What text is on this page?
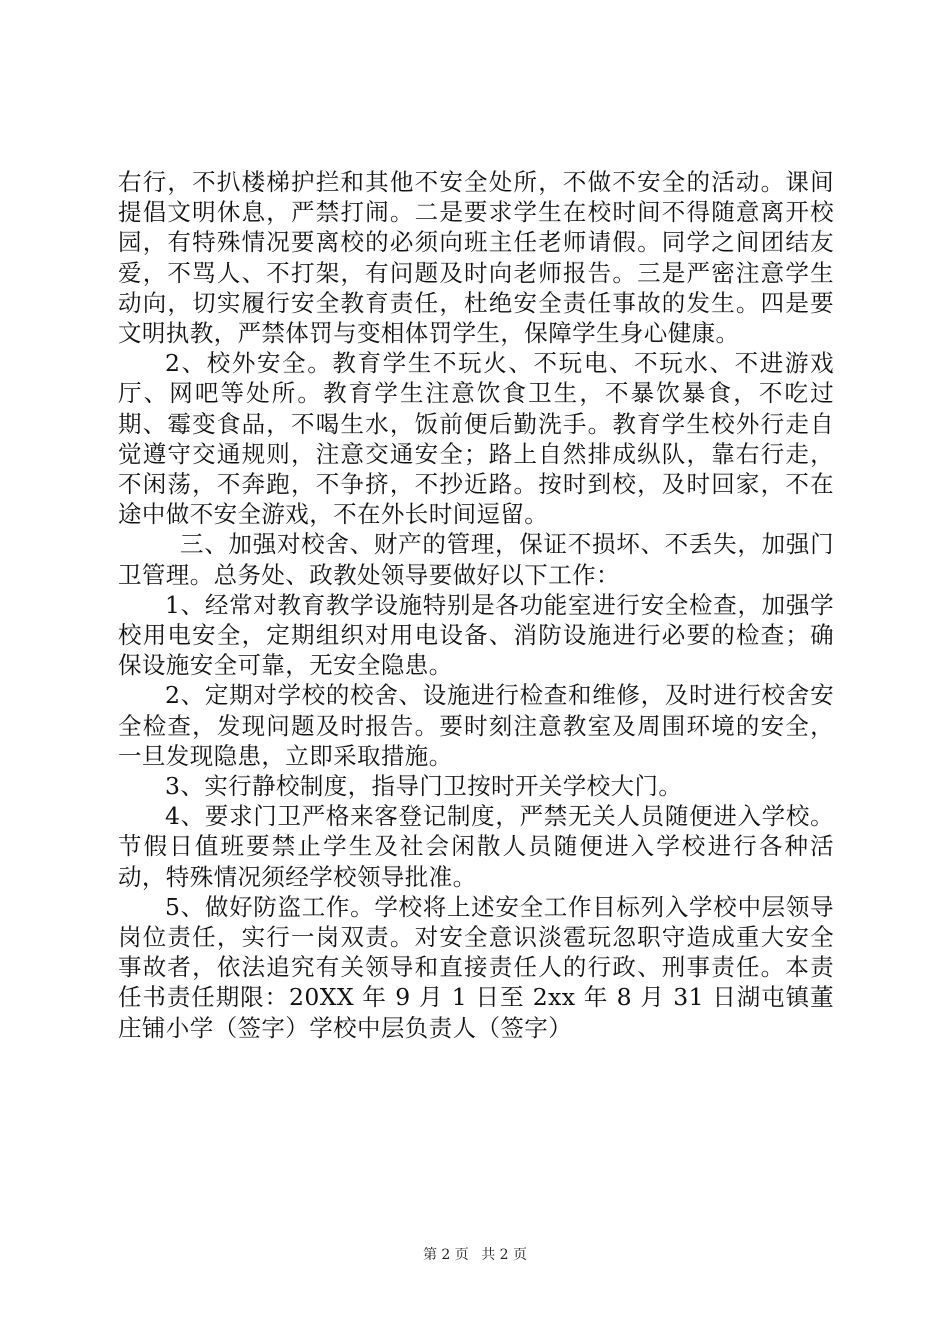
右行，不扒楼梯护拦和其他不安全处所，不做不安全的活动。课间提倡文明休息，严禁打闹。二是要求学生在校时间不得随意离开校园，有特殊情况要离校的必须向班主任老师请假。同学之间团结友爱，不骂人、不打架，有问题及时向老师报告。三是严密注意学生动向，切实履行安全教育责任，杜绝安全责任事故的发生。四是要文明执教，严禁体罚与变相体罚学生，保障学生身心健康。

2、校外安全。教育学生不玩火、不玩电、不玩水、不进游戏厅、网吧等处所。教育学生注意饮食卫生，不暴饮暴食，不吃过期、霉变食品，不喝生水，饭前便后勤洗手。教育学生校外行走自觉遵守交通规则，注意交通安全；路上自然排成纵队，靠右行走，不闲荡，不奔跑，不争挤，不抄近路。按时到校，及时回家，不在途中做不安全游戏，不在外长时间逗留。

三、加强对校舍、财产的管理，保证不损坏、不丢失，加强门卫管理。总务处、政教处领导要做好以下工作：

1、经常对教育教学设施特别是各功能室进行安全检查，加强学校用电安全，定期组织对用电设备、消防设施进行必要的检查；确保设施安全可靠，无安全隐患。

2、定期对学校的校舍、设施进行检查和维修，及时进行校舍安全检查，发现问题及时报告。要时刻注意教室及周围环境的安全，一旦发现隐患，立即采取措施。

3、实行静校制度，指导门卫按时开关学校大门。

4、要求门卫严格来客登记制度，严禁无关人员随便进入学校。节假日值班要禁止学生及社会闲散人员随便进入学校进行各种活动，特殊情况须经学校领导批准。

5、做好防盗工作。学校将上述安全工作目标列入学校中层领导岗位责任，实行一岗双责。对安全意识淡雹玩忽职守造成重大安全事故者，依法追究有关领导和直接责任人的行政、刑事责任。本责任书责任期限：20XX 年 9 月 1 日至 2xx 年 8 月 31 日湖屯镇董庄铺小学（签字）学校中层负责人（签字）

第 2 页 共 2 页
